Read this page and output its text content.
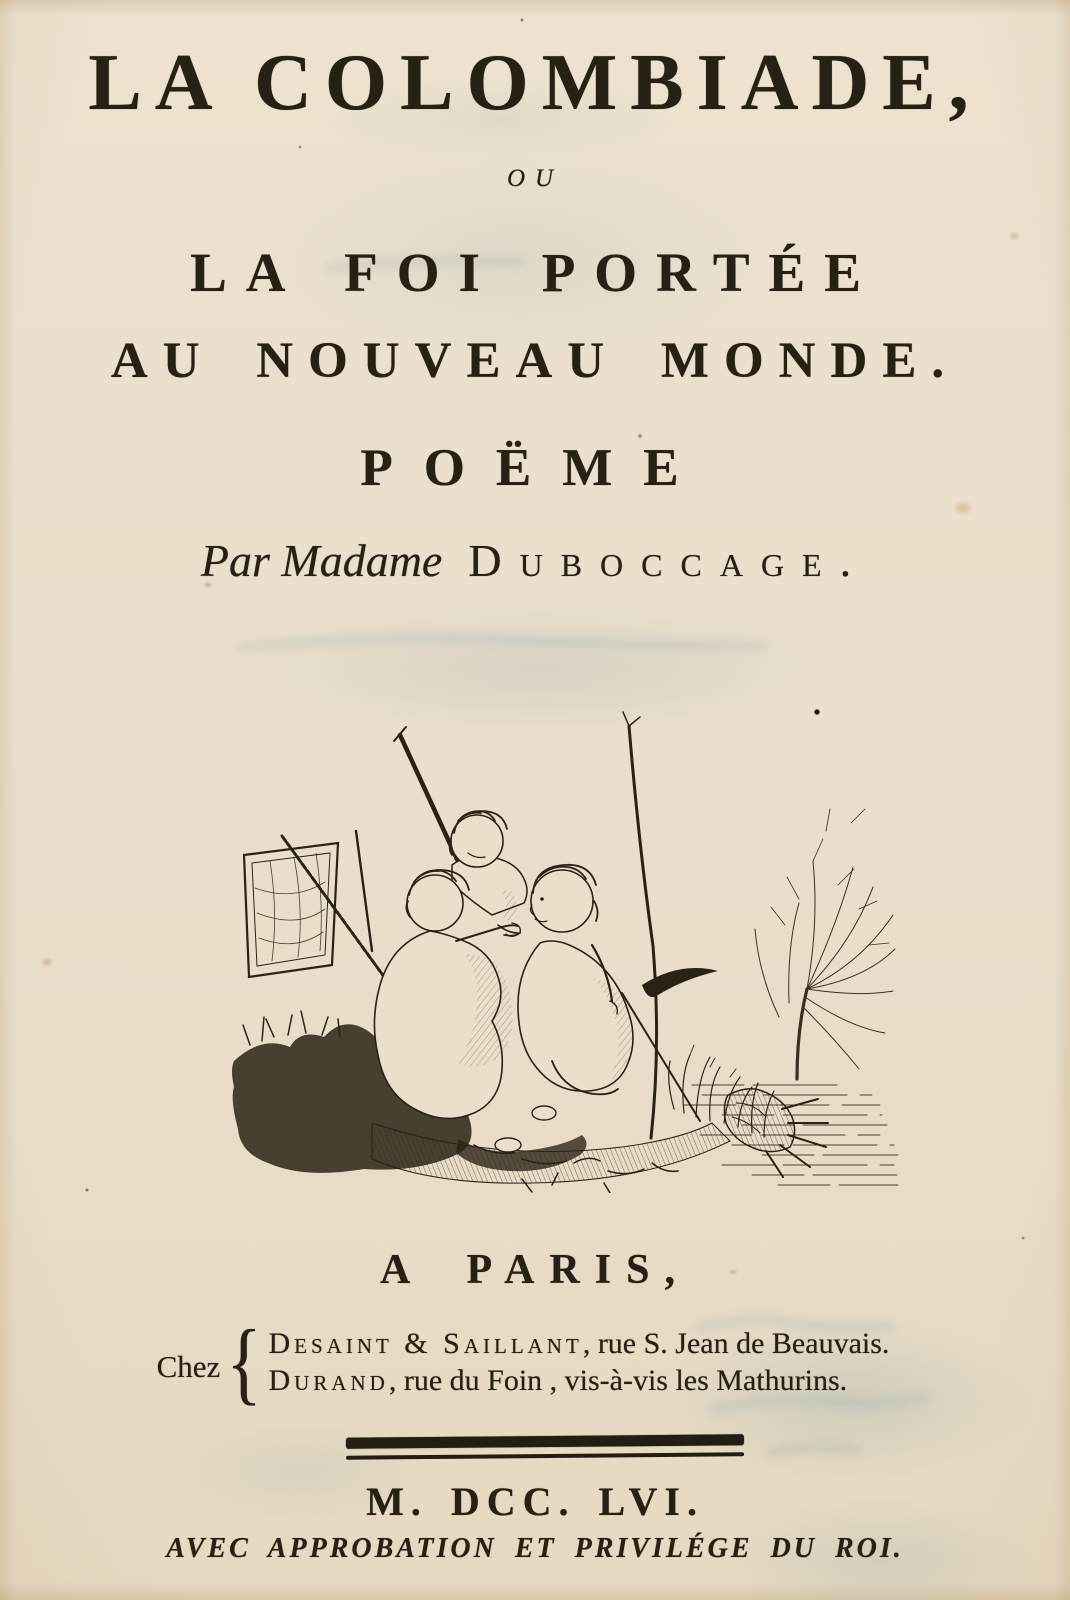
LA COLOMBIADE,
OU
LA FOI PORTÉE
AU NOUVEAU MONDE.
POËME
Par Madame Duboccage.
A PARIS,
Chez { Desaint & Saillant, rue S. Jean de Beauvais.
Durand, rue du Foin , vis-à-vis les Mathurins.
M. DCC. LVI.
AVEC APPROBATION ET PRIVILÉGE DU ROI.
